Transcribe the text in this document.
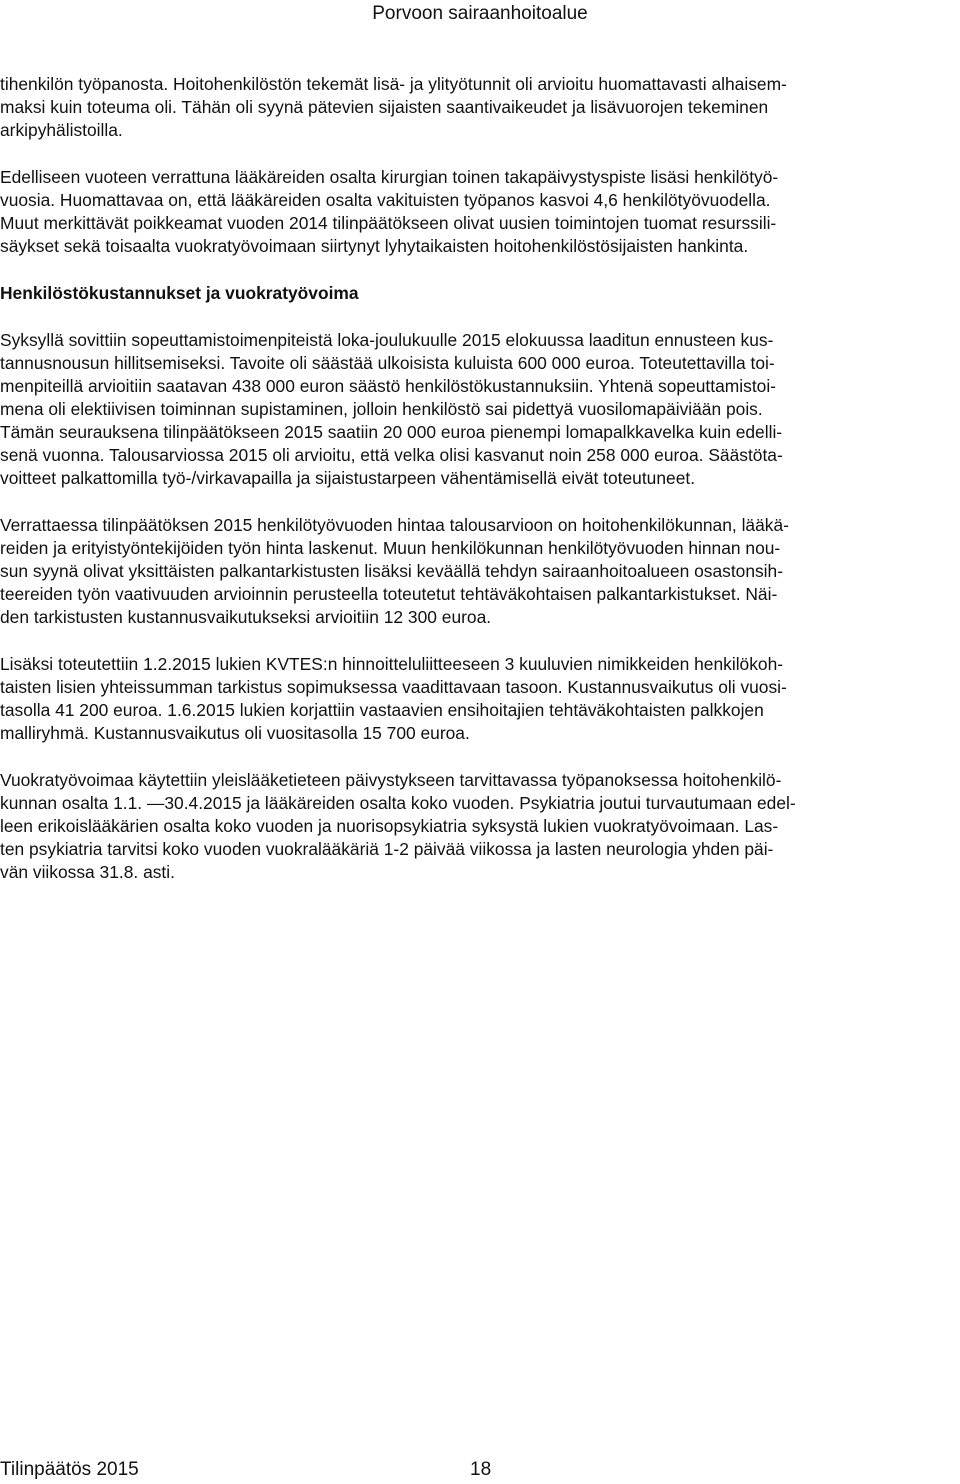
Porvoon sairaanhoitoalue
tihenkilön työpanosta. Hoitohenkilöstön tekemät lisä- ja ylityötunnit oli arvioitu huomattavasti alhaisem-
maksi kuin toteuma oli. Tähän oli syynä pätevien sijaisten saantivaikeudet ja lisävuorojen tekeminen
arkipyhälistoilla.
Edelliseen vuoteen verrattuna lääkäreiden osalta kirurgian toinen takapäivystyspiste lisäsi henkilötyö-
vuosia. Huomattavaa on, että lääkäreiden osalta vakituisten työpanos kasvoi 4,6 henkilötyövuodella.
Muut merkittävät poikkeamat vuoden 2014 tilinpäätökseen olivat uusien toimintojen tuomat resurssili-
säykset sekä toisaalta vuokratyövoimaan siirtynyt lyhytaikaisten hoitohenkilöstösijaisten hankinta.
Henkilöstökustannukset ja vuokratyövoima
Syksyllä sovittiin sopeuttamistoimenpiteistä loka-joulukuulle 2015 elokuussa laaditun ennusteen kus-
tannusnousun hillitsemiseksi. Tavoite oli säästää ulkoisista kuluista 600 000 euroa. Toteutettavilla toi-
menpiteillä arvioitiin saatavan 438 000 euron säästö henkilöstökustannuksiin. Yhtenä sopeuttamistoi-
mena oli elektiivisen toiminnan supistaminen, jolloin henkilöstö sai pidettyä vuosilomapäiviään pois.
Tämän seurauksena tilinpäätökseen 2015 saatiin 20 000 euroa pienempi lomapalkkavelka kuin edelli-
senä vuonna. Talousarviossa 2015 oli arvioitu, että velka olisi kasvanut noin 258 000 euroa. Säästöta-
voitteet palkattomilla työ-/virkavapailla ja sijaistustarpeen vähentämisellä eivät toteutuneet.
Verrattaessa tilinpäätöksen 2015 henkilötyövuoden hintaa talousarvioon on hoitohenkilökunnan, lääkä-
reiden ja erityistyöntekijöiden työn hinta laskenut. Muun henkilökunnan henkilötyövuoden hinnan nou-
sun syynä olivat yksittäisten palkantarkistusten lisäksi keväällä tehdyn sairaanhoitoalueen osastonsih-
teereiden työn vaativuuden arvioinnin perusteella toteutetut tehtäväkohtaisen palkantarkistukset. Näi-
den tarkistusten kustannusvaikutukseksi arvioitiin 12 300 euroa.
Lisäksi toteutettiin 1.2.2015 lukien KVTES:n hinnoitteluliitteeseen 3 kuuluvien nimikkeiden henkilökoh-
taisten lisien yhteissumman tarkistus sopimuksessa vaadittavaan tasoon. Kustannusvaikutus oli vuosi-
tasolla 41 200 euroa. 1.6.2015 lukien korjattiin vastaavien ensihoitajien tehtäväkohtaisten palkkojen
malliryhmä. Kustannusvaikutus oli vuositasolla 15 700 euroa.
Vuokratyövoimaa käytettiin yleislääketieteen päivystykseen tarvittavassa työpanoksessa hoitohenkilö-
kunnan osalta 1.1. ―30.4.2015 ja lääkäreiden osalta koko vuoden. Psykiatria joutui turvautumaan edel-
leen erikoislääkärien osalta koko vuoden ja nuorisopsykiatria syksystä lukien vuokratyövoimaan. Las-
ten psykiatria tarvitsi koko vuoden vuokralääkäriä 1-2 päivää viikossa ja lasten neurologia yhden päi-
vän viikossa 31.8. asti.
Tilinpäätös 2015	18
